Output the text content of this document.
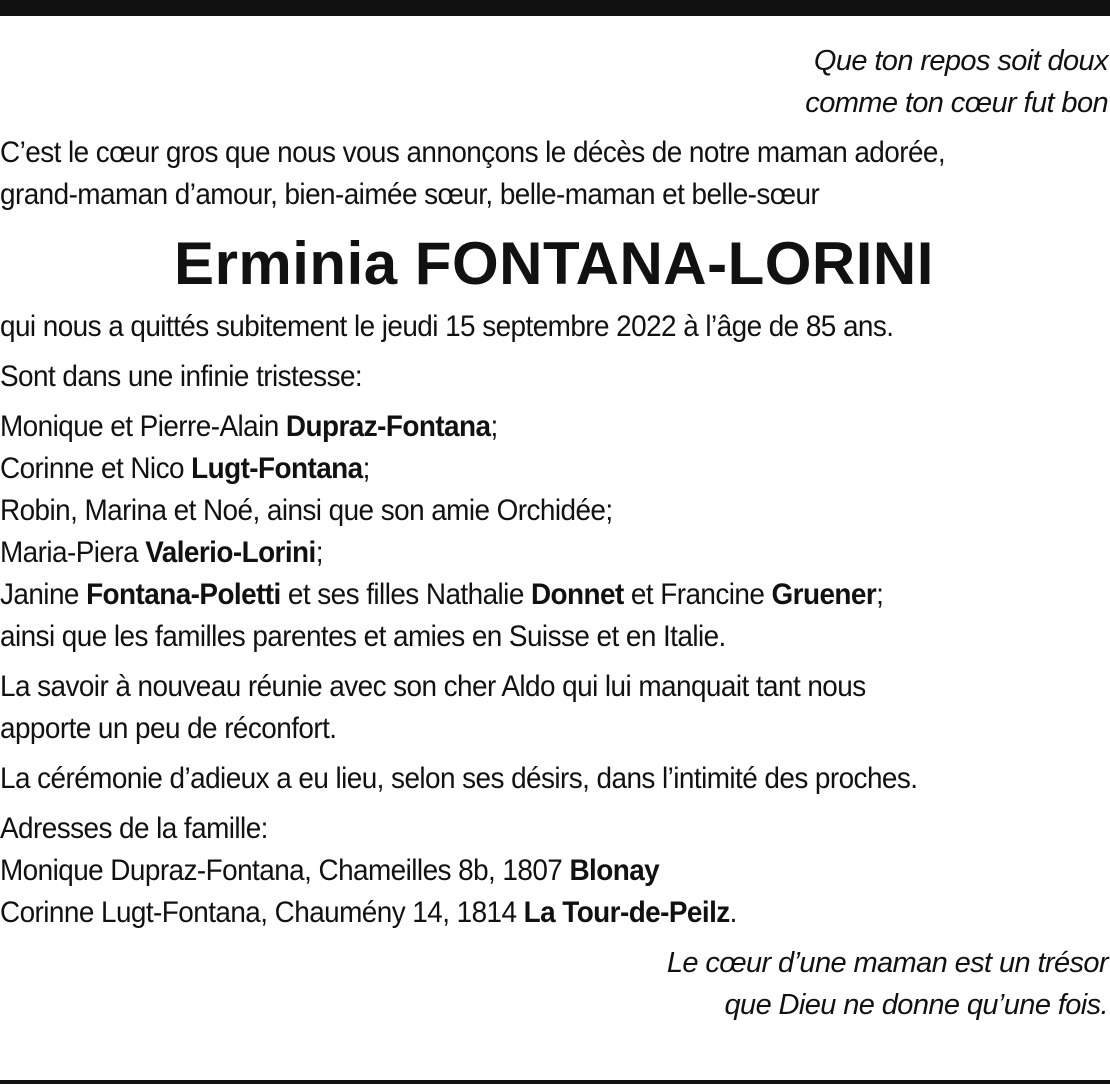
Que ton repos soit doux
comme ton cœur fut bon
C’est le cœur gros que nous vous annonçons le décès de notre maman adorée,
grand-maman d’amour, bien-aimée sœur, belle-maman et belle-sœur
Erminia FONTANA-LORINI
qui nous a quittés subitement le jeudi 15 septembre 2022 à l’âge de 85 ans.
Sont dans une infinie tristesse:
Monique et Pierre-Alain Dupraz-Fontana;
Corinne et Nico Lugt-Fontana;
Robin, Marina et Noé, ainsi que son amie Orchidée;
Maria-Piera Valerio-Lorini;
Janine Fontana-Poletti et ses filles Nathalie Donnet et Francine Gruener;
ainsi que les familles parentes et amies en Suisse et en Italie.
La savoir à nouveau réunie avec son cher Aldo qui lui manquait tant nous
apporte un peu de réconfort.
La cérémonie d’adieux a eu lieu, selon ses désirs, dans l’intimité des proches.
Adresses de la famille:
Monique Dupraz-Fontana, Chameilles 8b, 1807 Blonay
Corinne Lugt-Fontana, Chaumény 14, 1814 La Tour-de-Peilz.
Le cœur d’une maman est un trésor
que Dieu ne donne qu’une fois.
